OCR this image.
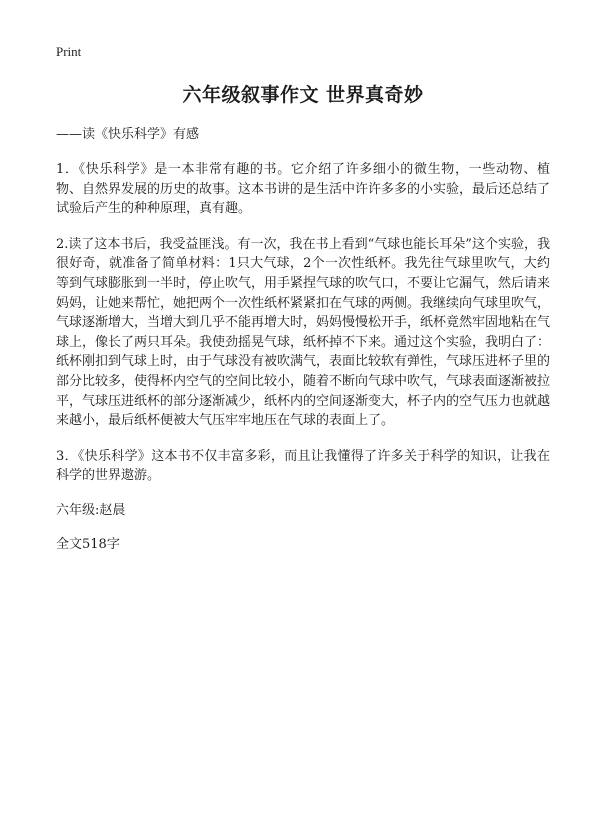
Print

六年级叙事作文 世界真奇妙

——读《快乐科学》有感

1．《快乐科学》是一本非常有趣的书。它介绍了许多细小的微生物，一些动物、植物、自然界发展的历史的故事。这本书讲的是生活中许许多多的小实验，最后还总结了试验后产生的种种原理，真有趣。

2.读了这本书后，我受益匪浅。有一次，我在书上看到“气球也能长耳朵”这个实验，我很好奇，就准备了简单材料：1只大气球，2个一次性纸杯。我先往气球里吹气，大约等到气球膨胀到一半时，停止吹气，用手紧捏气球的吹气口，不要让它漏气，然后请来妈妈，让她来帮忙，她把两个一次性纸杯紧紧扣在气球的两侧。我继续向气球里吹气，气球逐渐增大，当增大到几乎不能再增大时，妈妈慢慢松开手，纸杯竟然牢固地粘在气球上，像长了两只耳朵。我使劲摇晃气球，纸杯掉不下来。通过这个实验，我明白了：纸杯刚扣到气球上时，由于气球没有被吹满气，表面比较软有弹性，气球压进杯子里的部分比较多，使得杯内空气的空间比较小，随着不断向气球中吹气，气球表面逐渐被拉平，气球压进纸杯的部分逐渐减少，纸杯内的空间逐渐变大，杯子内的空气压力也就越来越小，最后纸杯便被大气压牢牢地压在气球的表面上了。

3．《快乐科学》这本书不仅丰富多彩，而且让我懂得了许多关于科学的知识，让我在科学的世界遨游。

六年级:赵晨

全文518字
